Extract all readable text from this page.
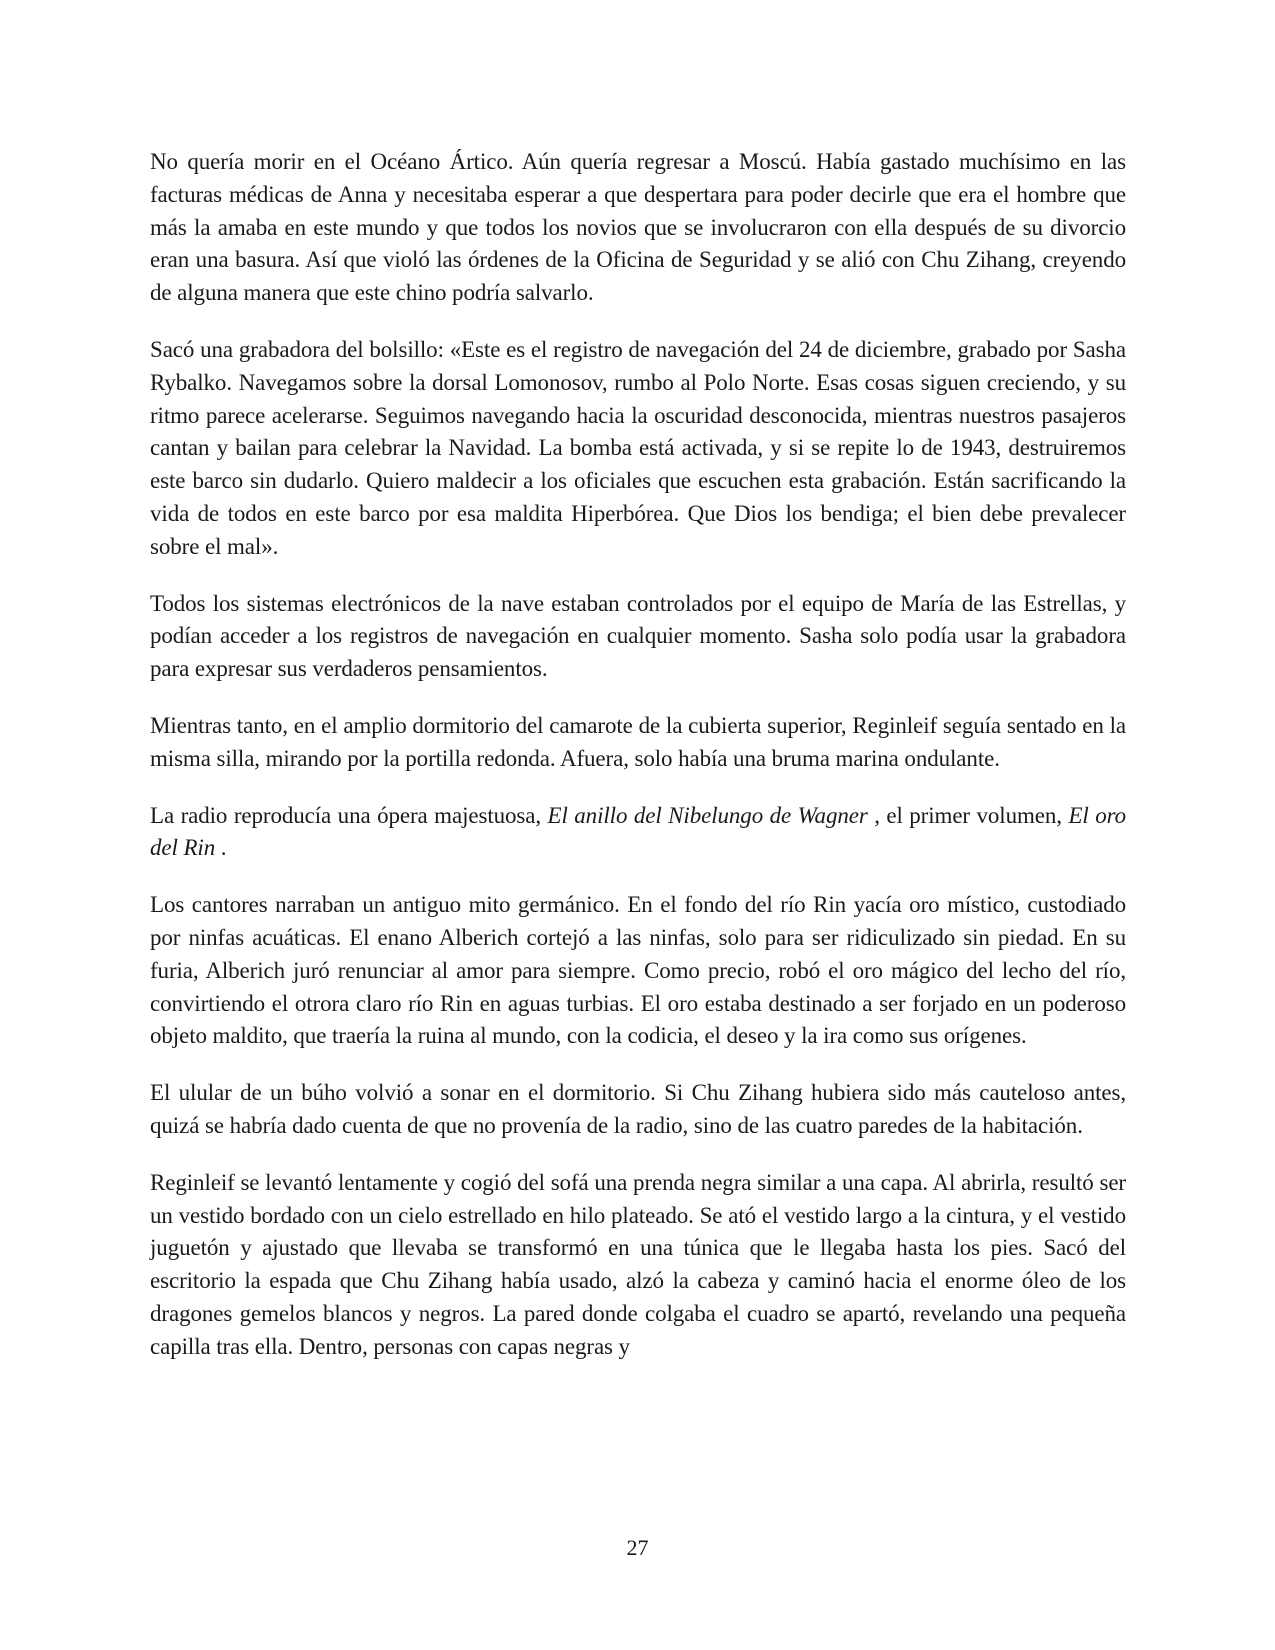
No quería morir en el Océano Ártico. Aún quería regresar a Moscú. Había gastado muchísimo en las facturas médicas de Anna y necesitaba esperar a que despertara para poder decirle que era el hombre que más la amaba en este mundo y que todos los novios que se involucraron con ella después de su divorcio eran una basura. Así que violó las órdenes de la Oficina de Seguridad y se alió con Chu Zihang, creyendo de alguna manera que este chino podría salvarlo.

Sacó una grabadora del bolsillo: «Este es el registro de navegación del 24 de diciembre, grabado por Sasha Rybalko. Navegamos sobre la dorsal Lomonosov, rumbo al Polo Norte. Esas cosas siguen creciendo, y su ritmo parece acelerarse. Seguimos navegando hacia la oscuridad desconocida, mientras nuestros pasajeros cantan y bailan para celebrar la Navidad. La bomba está activada, y si se repite lo de 1943, destruiremos este barco sin dudarlo. Quiero maldecir a los oficiales que escuchen esta grabación. Están sacrificando la vida de todos en este barco por esa maldita Hiperbórea. Que Dios los bendiga; el bien debe prevalecer sobre el mal».

Todos los sistemas electrónicos de la nave estaban controlados por el equipo de María de las Estrellas, y podían acceder a los registros de navegación en cualquier momento. Sasha solo podía usar la grabadora para expresar sus verdaderos pensamientos.

Mientras tanto, en el amplio dormitorio del camarote de la cubierta superior, Reginleif seguía sentado en la misma silla, mirando por la portilla redonda. Afuera, solo había una bruma marina ondulante.

La radio reproducía una ópera majestuosa, El anillo del Nibelungo de Wagner , el primer volumen, El oro del Rin .

Los cantores narraban un antiguo mito germánico. En el fondo del río Rin yacía oro místico, custodiado por ninfas acuáticas. El enano Alberich cortejó a las ninfas, solo para ser ridiculizado sin piedad. En su furia, Alberich juró renunciar al amor para siempre. Como precio, robó el oro mágico del lecho del río, convirtiendo el otrora claro río Rin en aguas turbias. El oro estaba destinado a ser forjado en un poderoso objeto maldito, que traería la ruina al mundo, con la codicia, el deseo y la ira como sus orígenes.

El ulular de un búho volvió a sonar en el dormitorio. Si Chu Zihang hubiera sido más cauteloso antes, quizá se habría dado cuenta de que no provenía de la radio, sino de las cuatro paredes de la habitación.

Reginleif se levantó lentamente y cogió del sofá una prenda negra similar a una capa. Al abrirla, resultó ser un vestido bordado con un cielo estrellado en hilo plateado. Se ató el vestido largo a la cintura, y el vestido juguetón y ajustado que llevaba se transformó en una túnica que le llegaba hasta los pies. Sacó del escritorio la espada que Chu Zihang había usado, alzó la cabeza y caminó hacia el enorme óleo de los dragones gemelos blancos y negros. La pared donde colgaba el cuadro se apartó, revelando una pequeña capilla tras ella. Dentro, personas con capas negras y

27
